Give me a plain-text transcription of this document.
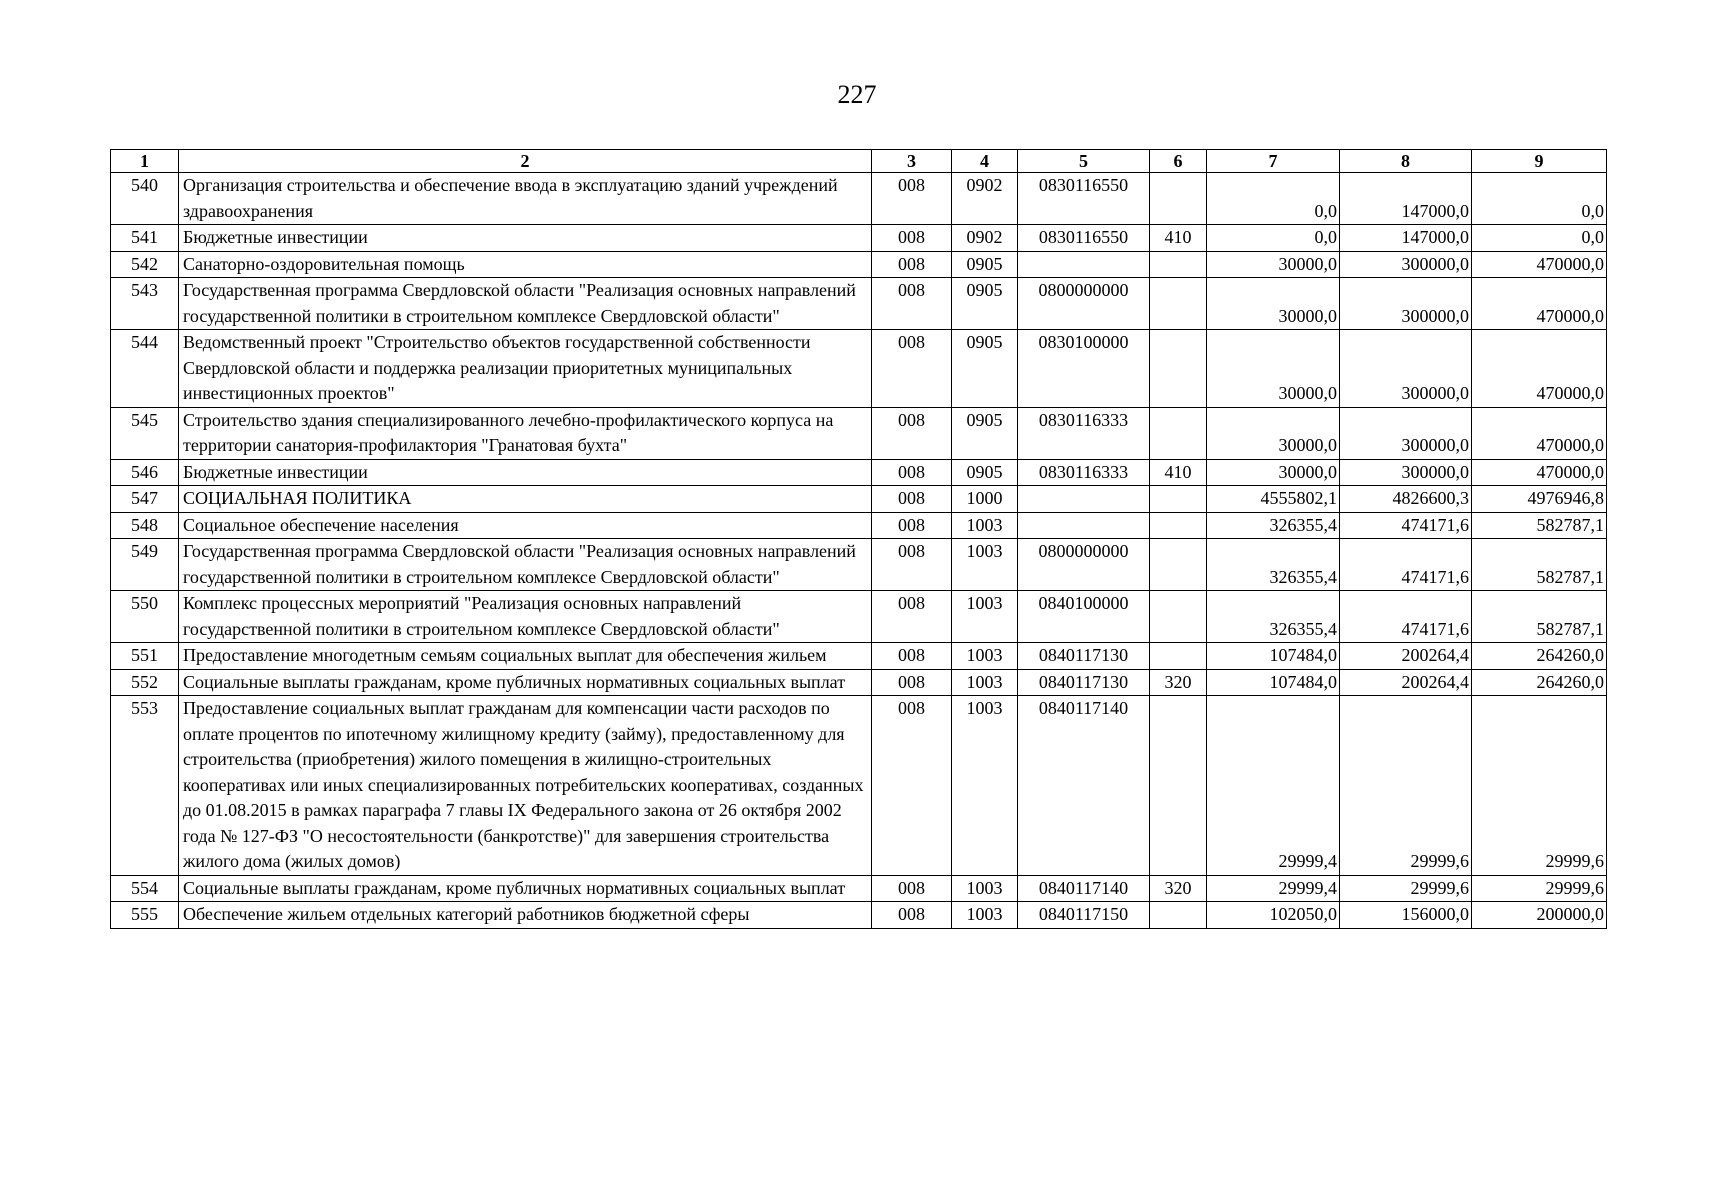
227
1	2	3	4	5	6	7	8	9
540	Организация строительства и обеспечение ввода в эксплуатацию зданий учреждений здравоохранения	008	0902	0830116550		0,0	147000,0	0,0
541	Бюджетные инвестиции	008	0902	0830116550	410	0,0	147000,0	0,0
542	Санаторно-оздоровительная помощь	008	0905			30000,0	300000,0	470000,0
543	Государственная программа Свердловской области "Реализация основных направлений государственной политики в строительном комплексе Свердловской области"	008	0905	0800000000		30000,0	300000,0	470000,0
544	Ведомственный проект "Строительство объектов государственной собственности Свердловской области и поддержка реализации приоритетных муниципальных инвестиционных проектов"	008	0905	0830100000		30000,0	300000,0	470000,0
545	Строительство здания специализированного лечебно-профилактического корпуса на территории санатория-профилактория "Гранатовая бухта"	008	0905	0830116333		30000,0	300000,0	470000,0
546	Бюджетные инвестиции	008	0905	0830116333	410	30000,0	300000,0	470000,0
547	СОЦИАЛЬНАЯ ПОЛИТИКА	008	1000			4555802,1	4826600,3	4976946,8
548	Социальное обеспечение населения	008	1003			326355,4	474171,6	582787,1
549	Государственная программа Свердловской области "Реализация основных направлений государственной политики в строительном комплексе Свердловской области"	008	1003	0800000000		326355,4	474171,6	582787,1
550	Комплекс процессных мероприятий "Реализация основных направлений государственной политики в строительном комплексе Свердловской области"	008	1003	0840100000		326355,4	474171,6	582787,1
551	Предоставление многодетным семьям социальных выплат для обеспечения жильем	008	1003	0840117130		107484,0	200264,4	264260,0
552	Социальные выплаты гражданам, кроме публичных нормативных социальных выплат	008	1003	0840117130	320	107484,0	200264,4	264260,0
553	Предоставление социальных выплат гражданам для компенсации части расходов по оплате процентов по ипотечному жилищному кредиту (займу), предоставленному для строительства (приобретения) жилого помещения в жилищно-строительных кооперативах или иных специализированных потребительских кооперативах, созданных до 01.08.2015 в рамках параграфа 7 главы IX Федерального закона от 26 октября 2002 года № 127-ФЗ "О несостоятельности (банкротстве)" для завершения строительства жилого дома (жилых домов)	008	1003	0840117140		29999,4	29999,6	29999,6
554	Социальные выплаты гражданам, кроме публичных нормативных социальных выплат	008	1003	0840117140	320	29999,4	29999,6	29999,6
555	Обеспечение жильем отдельных категорий работников бюджетной сферы	008	1003	0840117150		102050,0	156000,0	200000,0
